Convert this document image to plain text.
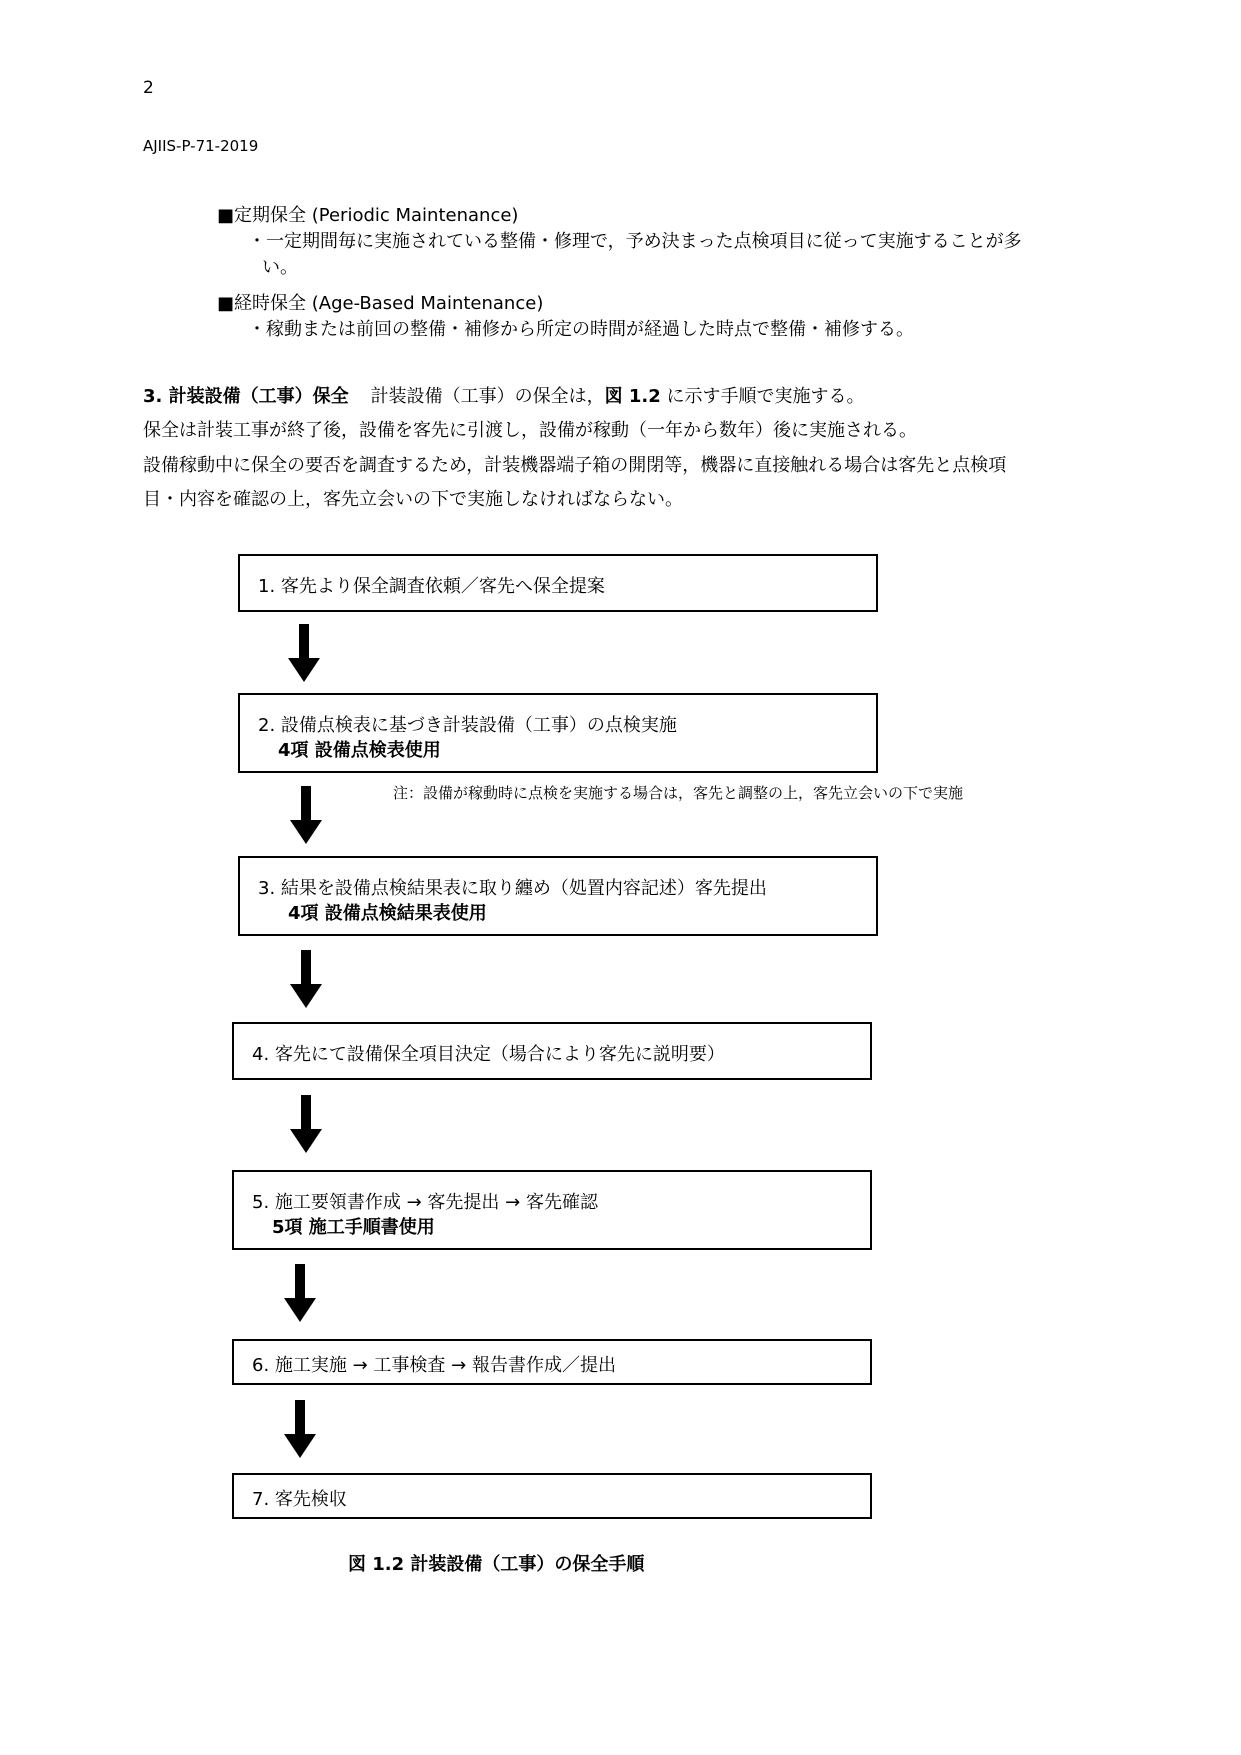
2
AJIIS-P-71-2019
■定期保全 (Periodic Maintenance)
・一定期間毎に実施されている整備・修理で，予め決まった点検項目に従って実施することが多
い。
■経時保全 (Age-Based Maintenance)
・稼動または前回の整備・補修から所定の時間が経過した時点で整備・補修する。
3. 計装設備（工事）保全 計装設備（工事）の保全は，図 1.2 に示す手順で実施する。
保全は計装工事が終了後，設備を客先に引渡し，設備が稼動（一年から数年）後に実施される。
設備稼動中に保全の要否を調査するため，計装機器端子箱の開閉等，機器に直接触れる場合は客先と点検項
目・内容を確認の上，客先立会いの下で実施しなければならない。
1. 客先より保全調査依頼／客先へ保全提案
2. 設備点検表に基づき計装設備（工事）の点検実施
4項 設備点検表使用
注：設備が稼動時に点検を実施する場合は，客先と調整の上，客先立会いの下で実施
3. 結果を設備点検結果表に取り纏め（処置内容記述）客先提出
4項 設備点検結果表使用
4. 客先にて設備保全項目決定（場合により客先に説明要）
5. 施工要領書作成 → 客先提出 → 客先確認
5項 施工手順書使用
6. 施工実施 → 工事検査 → 報告書作成／提出
7. 客先検収
図 1.2 計装設備（工事）の保全手順
